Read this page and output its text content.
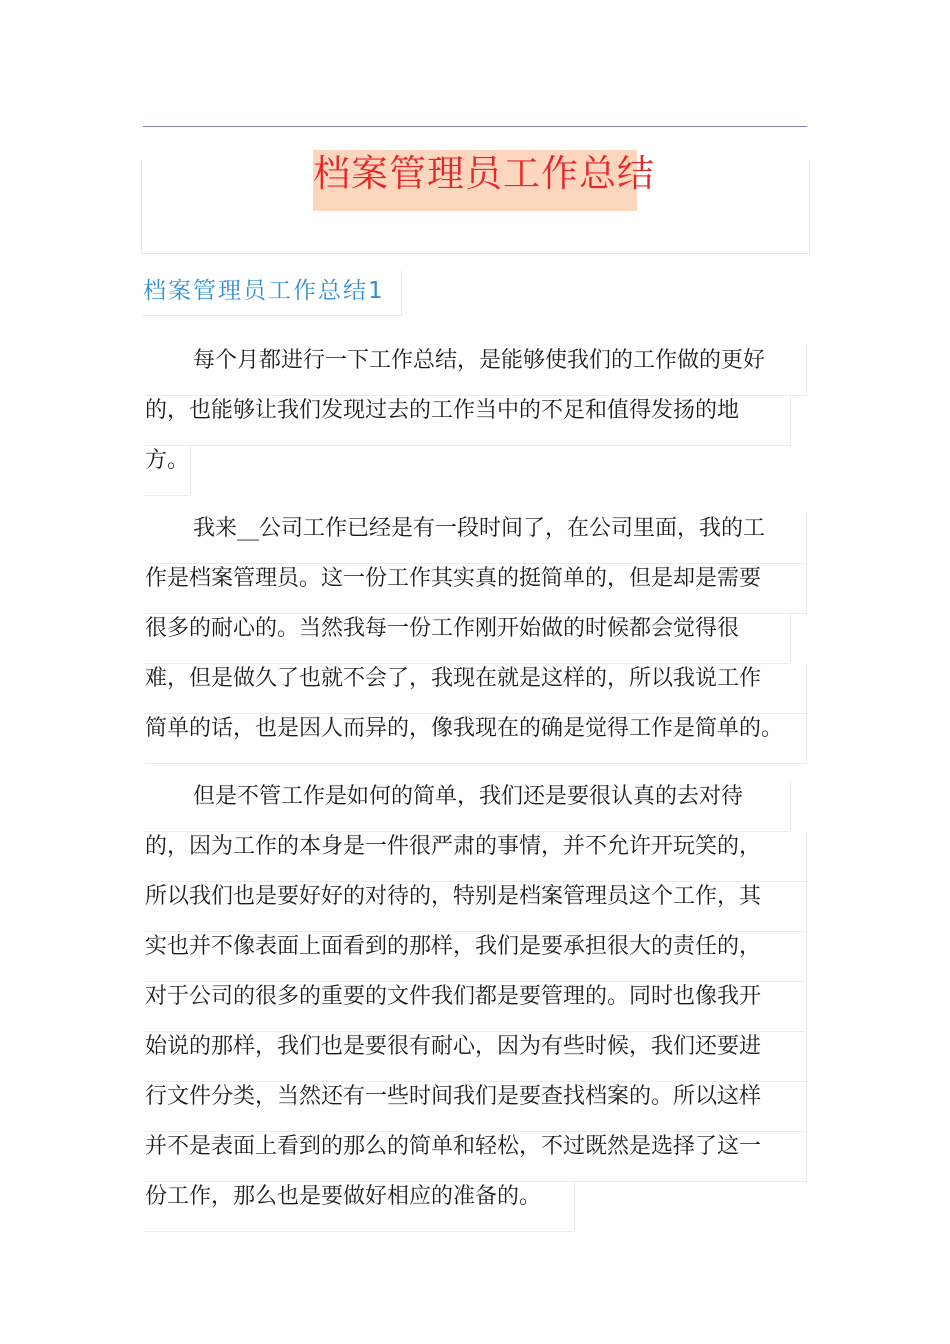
档案管理员工作总结
档案管理员工作总结1
每个月都进行一下工作总结，是能够使我们的工作做的更好
的，也能够让我们发现过去的工作当中的不足和值得发扬的地
方。
我来__公司工作已经是有一段时间了，在公司里面，我的工
作是档案管理员。这一份工作其实真的挺简单的，但是却是需要
很多的耐心的。当然我每一份工作刚开始做的时候都会觉得很
难，但是做久了也就不会了，我现在就是这样的，所以我说工作
简单的话，也是因人而异的，像我现在的确是觉得工作是简单的。
但是不管工作是如何的简单，我们还是要很认真的去对待
的，因为工作的本身是一件很严肃的事情，并不允许开玩笑的，
所以我们也是要好好的对待的，特别是档案管理员这个工作，其
实也并不像表面上面看到的那样，我们是要承担很大的责任的，
对于公司的很多的重要的文件我们都是要管理的。同时也像我开
始说的那样，我们也是要很有耐心，因为有些时候，我们还要进
行文件分类，当然还有一些时间我们是要查找档案的。所以这样
并不是表面上看到的那么的简单和轻松，不过既然是选择了这一
份工作，那么也是要做好相应的准备的。
